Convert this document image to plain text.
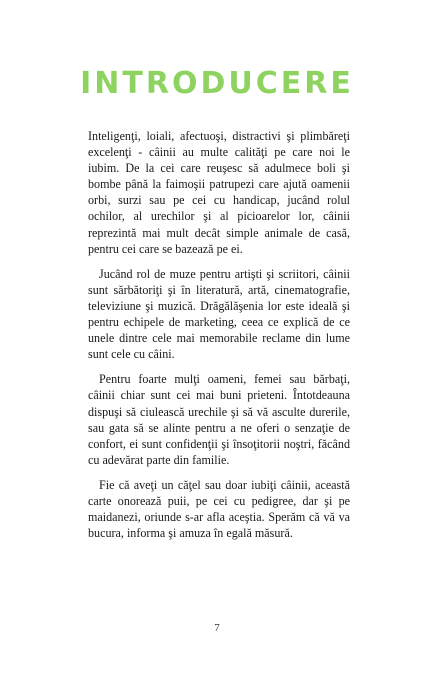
INTRODUCERE

Inteligenţi, loiali, afectuoşi, distractivi şi plimbăreţi excelenţi - câinii au multe calităţi pe care noi le iubim. De la cei care reuşesc să adulmece boli şi bombe până la faimoşii patrupezi care ajută oamenii orbi, surzi sau pe cei cu handicap, jucând rolul ochilor, al urechilor şi al picioarelor lor, câinii reprezintă mai mult decât simple animale de casă, pentru cei care se bazează pe ei.

Jucând rol de muze pentru artişti şi scriitori, câinii sunt sărbătoriţi şi în literatură, artă, cinematografie, televiziune şi muzică. Drăgălăşenia lor este ideală şi pentru echipele de marketing, ceea ce explică de ce unele dintre cele mai memorabile reclame din lume sunt cele cu câini.

Pentru foarte mulţi oameni, femei sau bărbaţi, câinii chiar sunt cei mai buni prieteni. Întotdeauna dispuşi să ciulească urechile şi să vă asculte durerile, sau gata să se alinte pentru a ne oferi o senzaţie de confort, ei sunt confidenţii şi însoţitorii noştri, făcând cu adevărat parte din familie.

Fie că aveţi un căţel sau doar iubiţi câinii, această carte onorează puii, pe cei cu pedigree, dar şi pe maidanezi, oriunde s-ar afla aceştia. Sperăm că vă va bucura, informa şi amuza în egală măsură.

7
